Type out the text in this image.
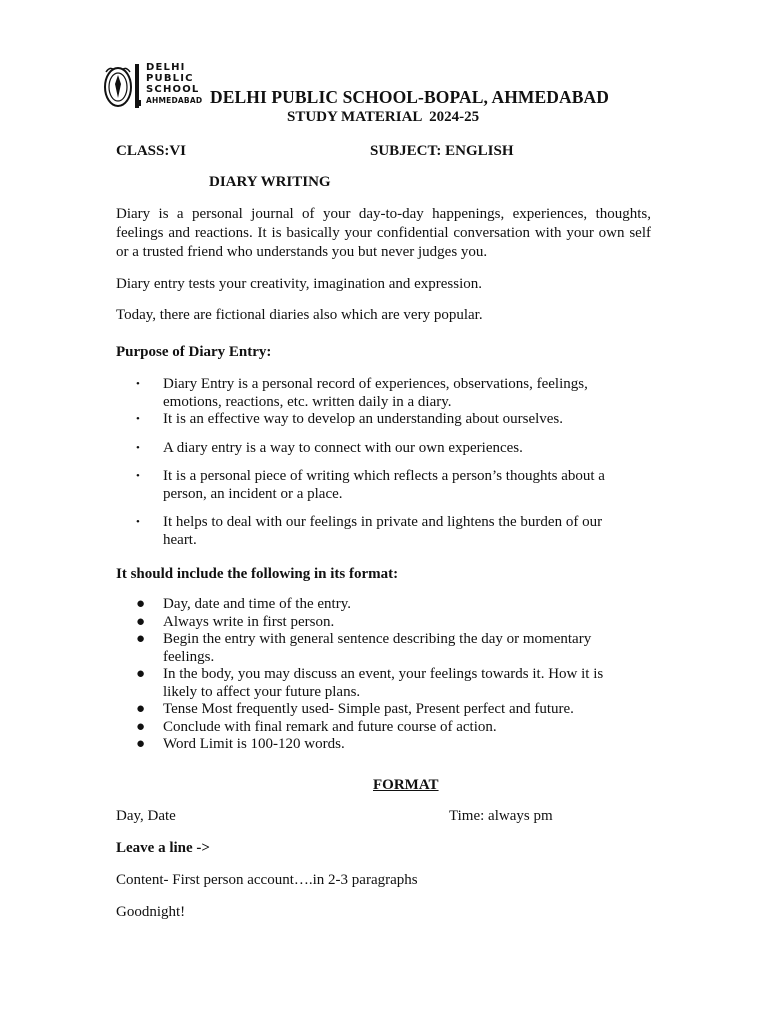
DELHI
PUBLIC
SCHOOL
AHMEDABAD DELHI PUBLIC SCHOOL-BOPAL, AHMEDABAD
STUDY MATERIAL  2024-25
CLASS:VI	SUBJECT: ENGLISH
DIARY WRITING
Diary is a personal journal of your day-to-day happenings, experiences, thoughts, feelings and reactions. It is basically your confidential conversation with your own self or a trusted friend who understands you but never judges you.
Diary entry tests your creativity, imagination and expression.
Today, there are fictional diaries also which are very popular.
Purpose of Diary Entry:
•	Diary Entry is a personal record of experiences, observations, feelings, emotions, reactions, etc. written daily in a diary.
•	It is an effective way to develop an understanding about ourselves.
•	A diary entry is a way to connect with our own experiences.
•	It is a personal piece of writing which reflects a person’s thoughts about a person, an incident or a place.
•	It helps to deal with our feelings in private and lightens the burden of our heart.
It should include the following in its format:
●	Day, date and time of the entry.
●	Always write in first person.
●	Begin the entry with general sentence describing the day or momentary feelings.
●	In the body, you may discuss an event, your feelings towards it. How it is likely to affect your future plans.
●	Tense Most frequently used- Simple past, Present perfect and future.
●	Conclude with final remark and future course of action.
●	Word Limit is 100-120 words.
FORMAT
Day, Date	Time: always pm
Leave a line ->
Content- First person account….in 2-3 paragraphs
Goodnight!
